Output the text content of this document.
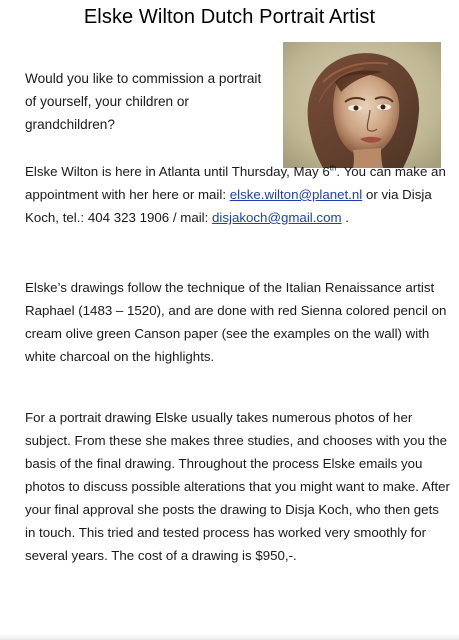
Elske Wilton Dutch Portrait Artist

Would you like to commission a portrait of yourself, your children or grandchildren?

Elske Wilton is here in Atlanta until Thursday, May 6th. You can make an appointment with her here or mail: elske.wilton@planet.nl or via Disja Koch, tel.: 404 323 1906 / mail: disjakoch@gmail.com .

Elske’s drawings follow the technique of the Italian Renaissance artist Raphael (1483 – 1520), and are done with red Sienna colored pencil on cream olive green Canson paper (see the examples on the wall) with white charcoal on the highlights.

For a portrait drawing Elske usually takes numerous photos of her subject. From these she makes three studies, and chooses with you the basis of the final drawing. Throughout the process Elske emails you photos to discuss possible alterations that you might want to make. After your final approval she posts the drawing to Disja Koch, who then gets in touch. This tried and tested process has worked very smoothly for several years. The cost of a drawing is $950,-.
